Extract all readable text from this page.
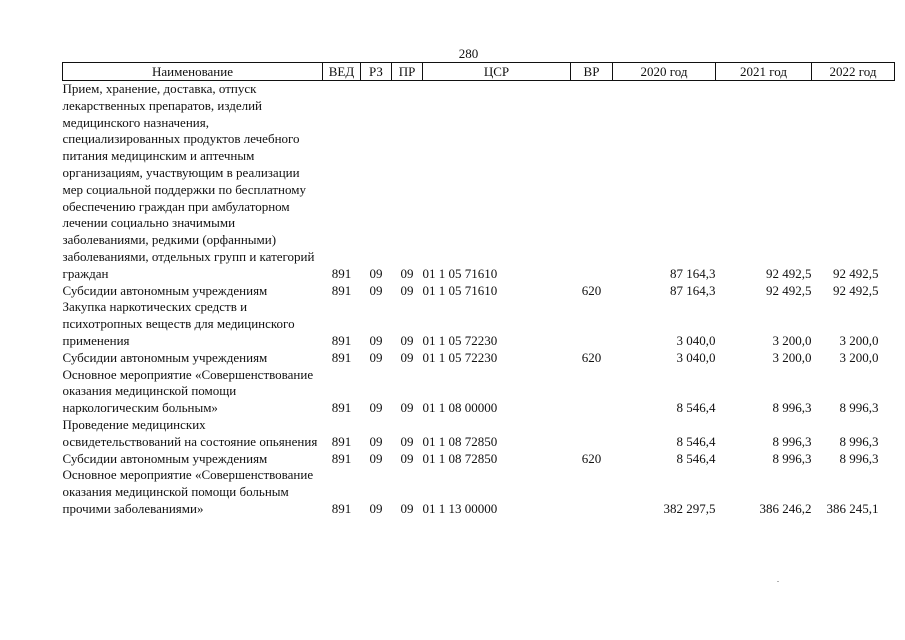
280
Наименование	ВЕД	РЗ	ПР	ЦСР	ВР	2020 год	2021 год	2022 год
Прием, хранение, доставка, отпуск лекарственных препаратов, изделий медицинского назначения, специализированных продуктов лечебного питания медицинским и аптечным организациям, участвующим в реализации мер социальной поддержки по бесплатному обеспечению граждан при амбулаторном лечении социально значимыми заболеваниями, редкими (орфанными) заболеваниями, отдельных групп и категорий граждан	891	09	09	01 1 05 71610		87 164,3	92 492,5	92 492,5
Субсидии автономным учреждениям	891	09	09	01 1 05 71610	620	87 164,3	92 492,5	92 492,5
Закупка наркотических средств и психотропных веществ для медицинского применения	891	09	09	01 1 05 72230		3 040,0	3 200,0	3 200,0
Субсидии автономным учреждениям	891	09	09	01 1 05 72230	620	3 040,0	3 200,0	3 200,0
Основное мероприятие «Совершенствование оказания медицинской помощи наркологическим больным»	891	09	09	01 1 08 00000		8 546,4	8 996,3	8 996,3
Проведение медицинских освидетельствований на состояние опьянения	891	09	09	01 1 08 72850		8 546,4	8 996,3	8 996,3
Субсидии автономным учреждениям	891	09	09	01 1 08 72850	620	8 546,4	8 996,3	8 996,3
Основное мероприятие «Совершенствование оказания медицинской помощи больным прочими заболеваниями»	891	09	09	01 1 13 00000		382 297,5	386 246,2	386 245,1
